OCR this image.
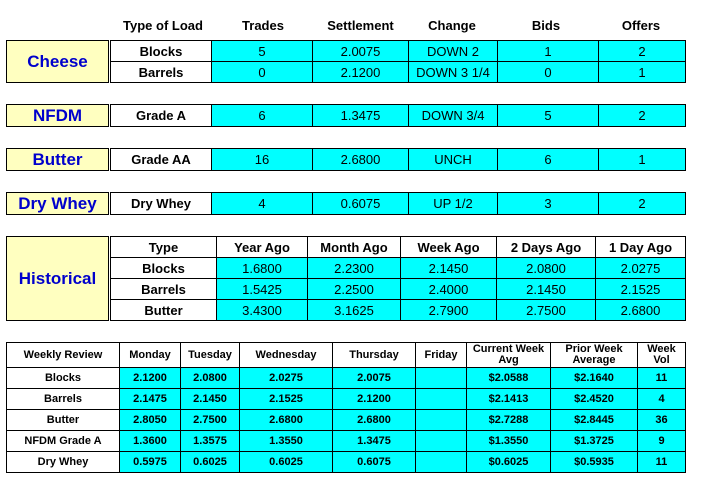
Type of Load	Trades	Settlement	Change	Bids	Offers
Cheese
Blocks	5	2.0075	DOWN 2	1	2
Barrels	0	2.1200	DOWN 3 1/4	0	1
NFDM	Grade A	6	1.3475	DOWN 3/4	5	2
Butter	Grade AA	16	2.6800	UNCH	6	1
Dry Whey	Dry Whey	4	0.6075	UP 1/2	3	2
Historical
Type	Year Ago	Month Ago	Week Ago	2 Days Ago	1 Day Ago
Blocks	1.6800	2.2300	2.1450	2.0800	2.0275
Barrels	1.5425	2.2500	2.4000	2.1450	2.1525
Butter	3.4300	3.1625	2.7900	2.7500	2.6800
Weekly Review	Monday	Tuesday	Wednesday	Thursday	Friday	Current Week Avg	Prior Week Average	Week Vol
Blocks	2.1200	2.0800	2.0275	2.0075		$2.0588	$2.1640	11
Barrels	2.1475	2.1450	2.1525	2.1200		$2.1413	$2.4520	4
Butter	2.8050	2.7500	2.6800	2.6800		$2.7288	$2.8445	36
NFDM Grade A	1.3600	1.3575	1.3550	1.3475		$1.3550	$1.3725	9
Dry Whey	0.5975	0.6025	0.6025	0.6075		$0.6025	$0.5935	11
